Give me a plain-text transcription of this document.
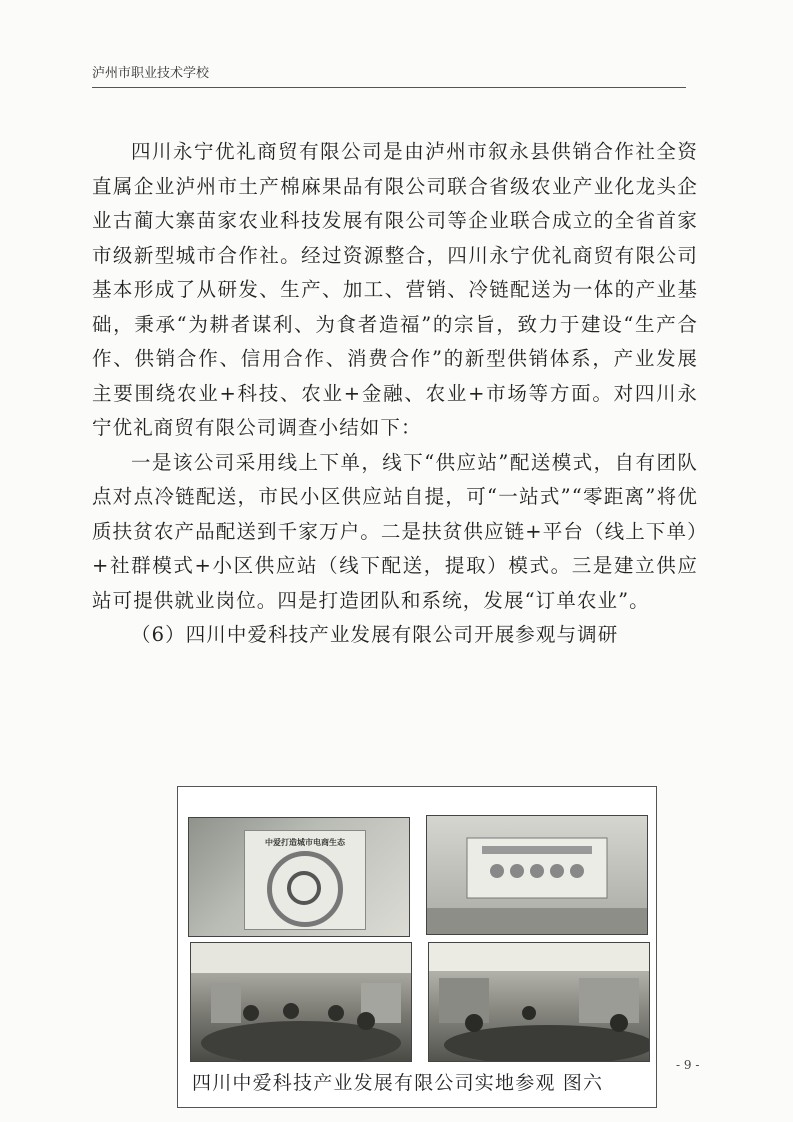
泸州市职业技术学校

四川永宁优礼商贸有限公司是由泸州市叙永县供销合作社全资直属企业泸州市土产棉麻果品有限公司联合省级农业产业化龙头企业古蔺大寨苗家农业科技发展有限公司等企业联合成立的全省首家市级新型城市合作社。经过资源整合，四川永宁优礼商贸有限公司基本形成了从研发、生产、加工、营销、冷链配送为一体的产业基础，秉承“为耕者谋利、为食者造福”的宗旨，致力于建设“生产合作、供销合作、信用合作、消费合作”的新型供销体系，产业发展主要围绕农业+科技、农业+金融、农业+市场等方面。对四川永宁优礼商贸有限公司调查小结如下：

一是该公司采用线上下单，线下“供应站”配送模式，自有团队点对点冷链配送，市民小区供应站自提，可“一站式”“零距离”将优质扶贫农产品配送到千家万户。二是扶贫供应链+平台（线上下单）+社群模式+小区供应站（线下配送，提取）模式。三是建立供应站可提供就业岗位。四是打造团队和系统，发展“订单农业”。

（6）四川中爱科技产业发展有限公司开展参观与调研

中爱打造城市电商生态
四川中爱科技产业发展有限公司实地参观 图六
- 9 -
